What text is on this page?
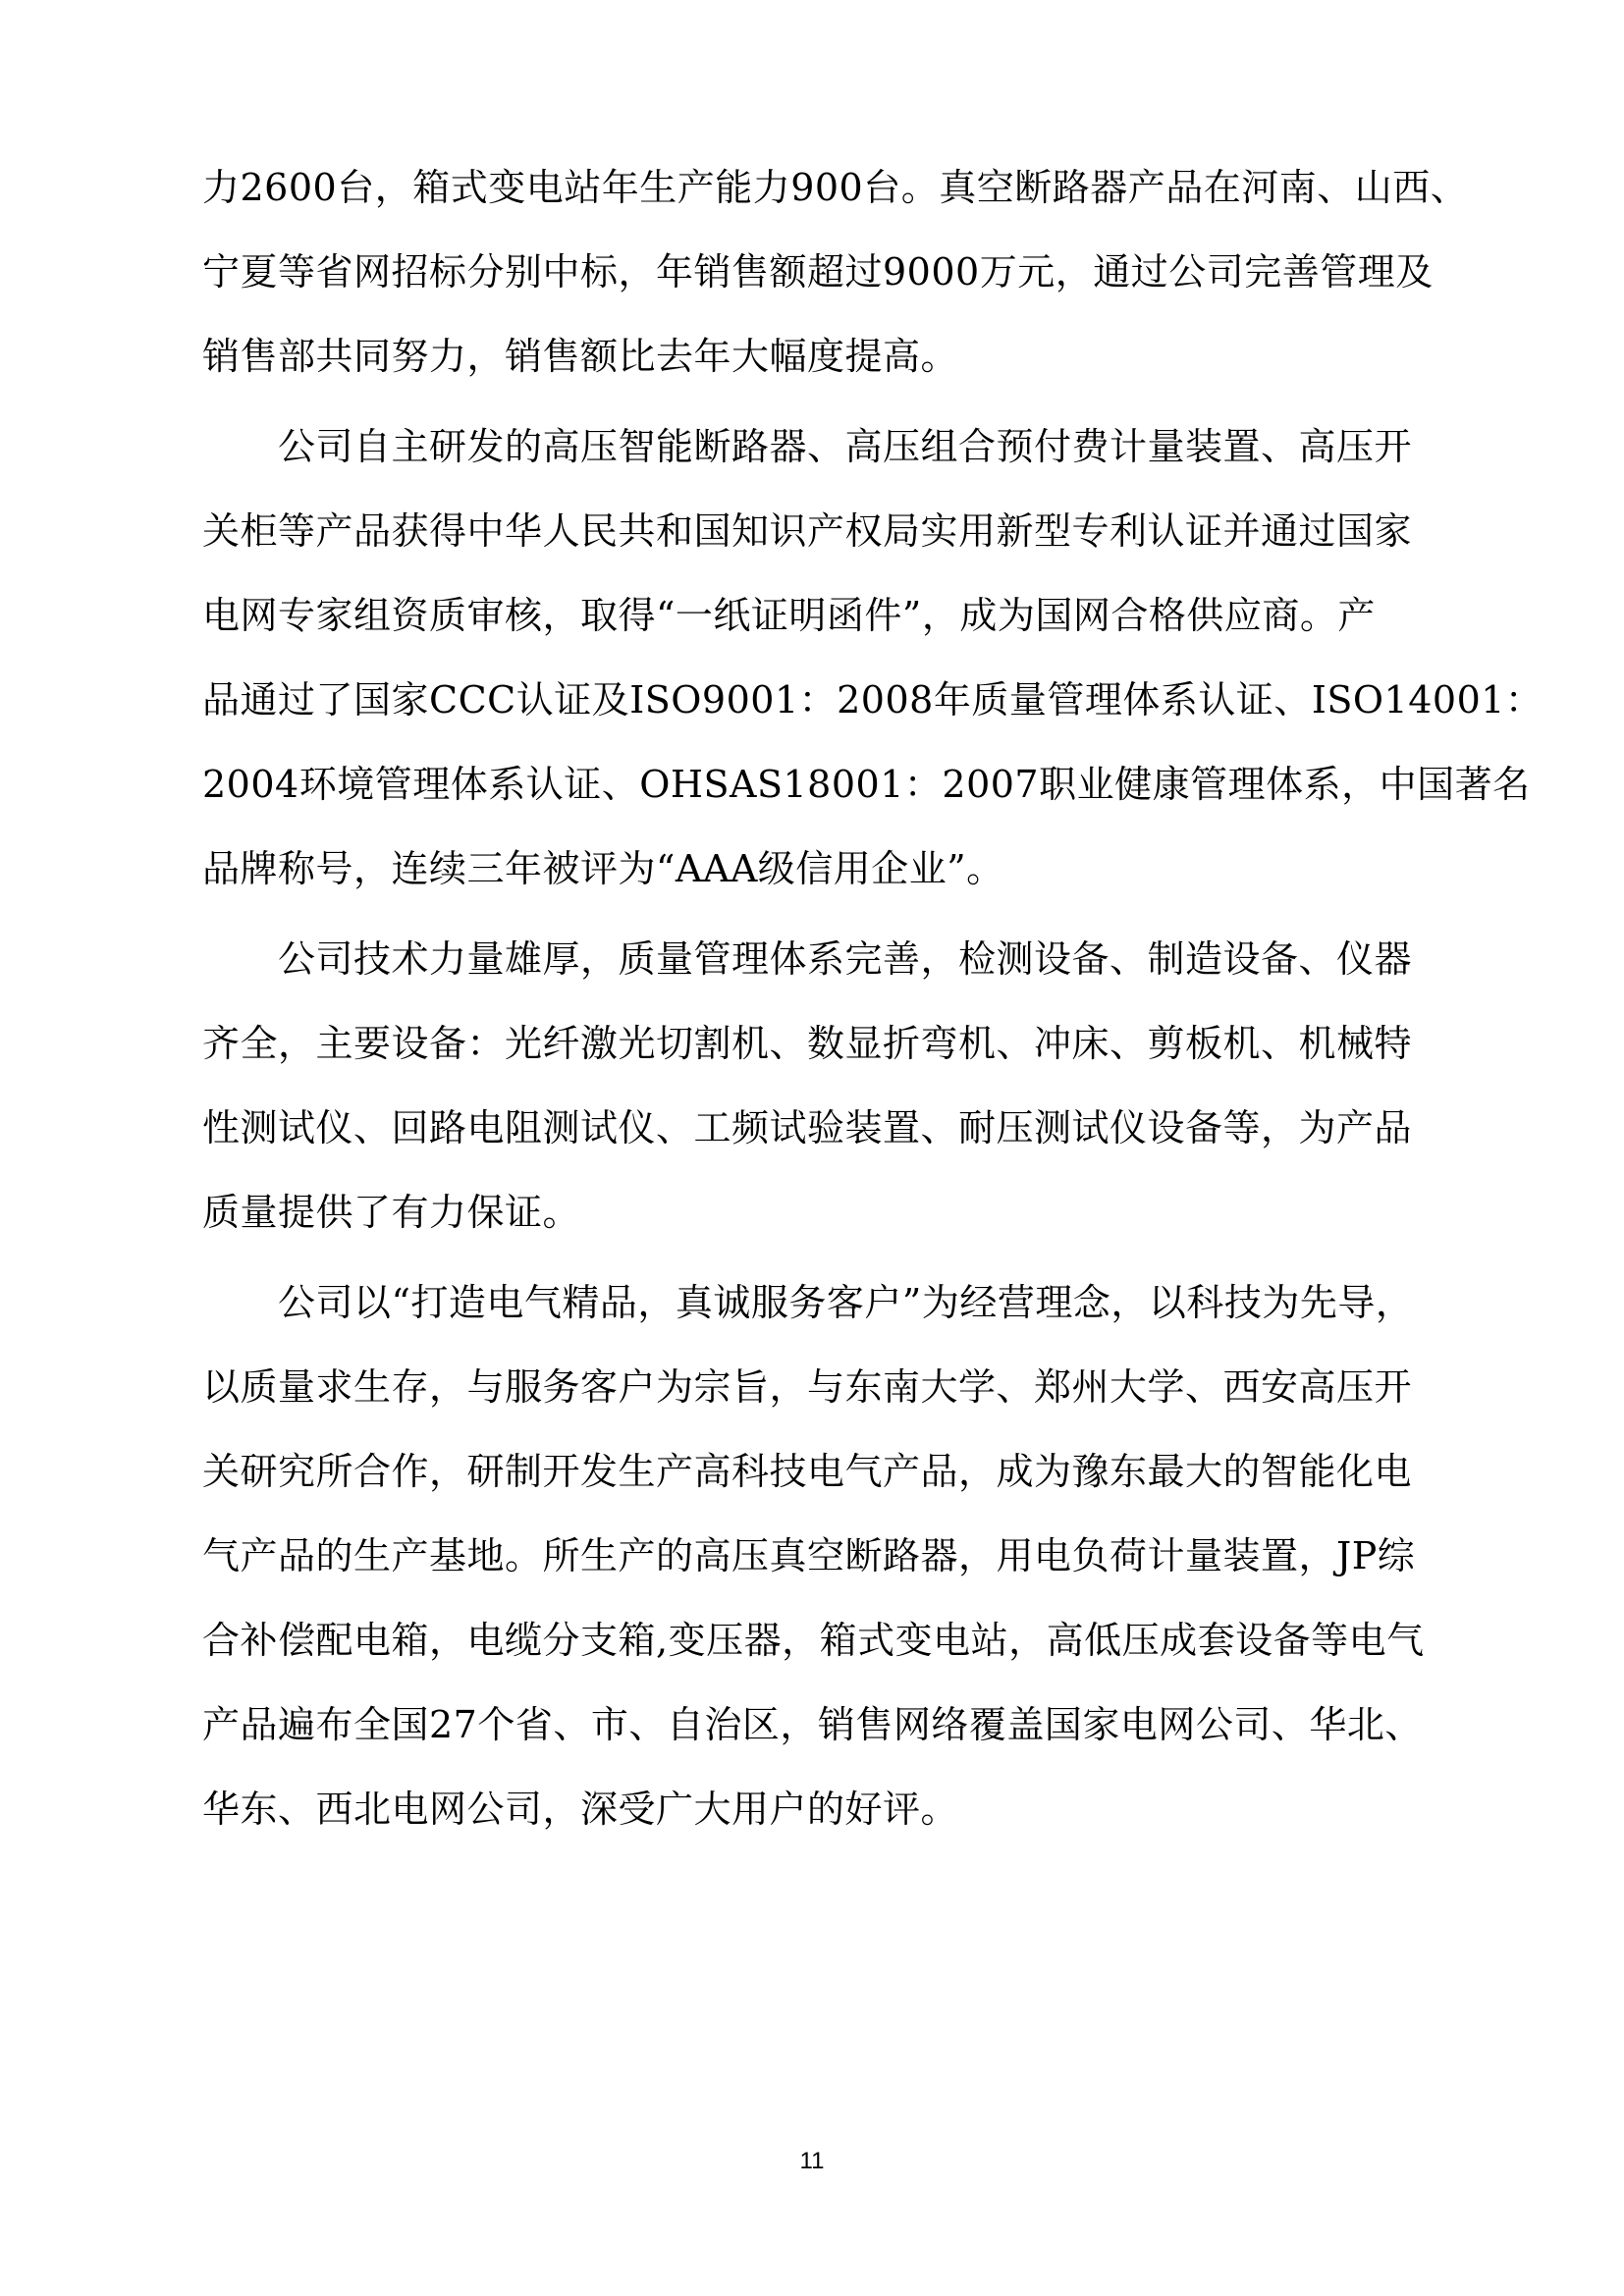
力2600台，箱式变电站年生产能力900台。真空断路器产品在河南、山西、
宁夏等省网招标分别中标，年销售额超过9000万元，通过公司完善管理及
销售部共同努力，销售额比去年大幅度提高。
　　公司自主研发的高压智能断路器、高压组合预付费计量装置、高压开
关柜等产品获得中华人民共和国知识产权局实用新型专利认证并通过国家
电网专家组资质审核，取得“一纸证明函件”，成为国网合格供应商。产
品通过了国家CCC认证及ISO9001：2008年质量管理体系认证、ISO14001：
2004环境管理体系认证、OHSAS18001：2007职业健康管理体系，中国著名
品牌称号，连续三年被评为“AAA级信用企业”。
　　公司技术力量雄厚，质量管理体系完善，检测设备、制造设备、仪器
齐全，主要设备：光纤激光切割机、数显折弯机、冲床、剪板机、机械特
性测试仪、回路电阻测试仪、工频试验装置、耐压测试仪设备等，为产品
质量提供了有力保证。
　　公司以“打造电气精品，真诚服务客户”为经营理念，以科技为先导，
以质量求生存，与服务客户为宗旨，与东南大学、郑州大学、西安高压开
关研究所合作，研制开发生产高科技电气产品，成为豫东最大的智能化电
气产品的生产基地。所生产的高压真空断路器，用电负荷计量装置，JP综
合补偿配电箱，电缆分支箱,变压器，箱式变电站，高低压成套设备等电气
产品遍布全国27个省、市、自治区，销售网络覆盖国家电网公司、华北、
华东、西北电网公司，深受广大用户的好评。
11
